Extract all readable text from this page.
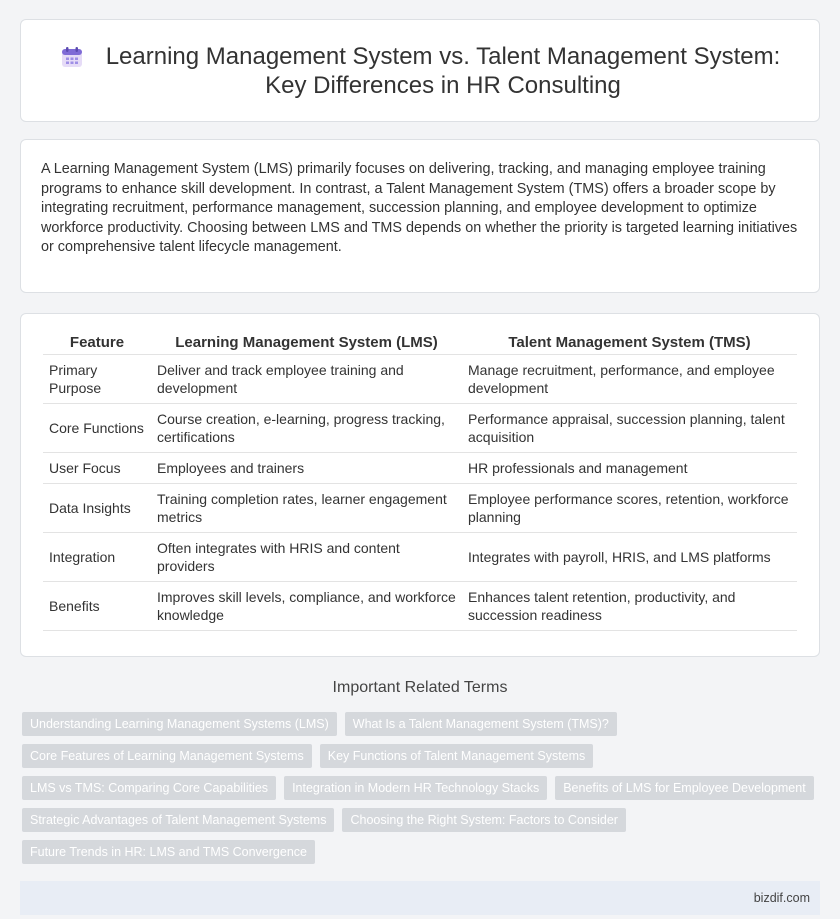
Learning Management System vs. Talent Management System:
Key Differences in HR Consulting

A Learning Management System (LMS) primarily focuses on delivering, tracking, and managing employee training programs to enhance skill development. In contrast, a Talent Management System (TMS) offers a broader scope by integrating recruitment, performance management, succession planning, and employee development to optimize workforce productivity. Choosing between LMS and TMS depends on whether the priority is targeted learning initiatives or comprehensive talent lifecycle management.

Feature	Learning Management System (LMS)	Talent Management System (TMS)
Primary Purpose	Deliver and track employee training and development	Manage recruitment, performance, and employee development
Core Functions	Course creation, e-learning, progress tracking, certifications	Performance appraisal, succession planning, talent acquisition
User Focus	Employees and trainers	HR professionals and management
Data Insights	Training completion rates, learner engagement metrics	Employee performance scores, retention, workforce planning
Integration	Often integrates with HRIS and content providers	Integrates with payroll, HRIS, and LMS platforms
Benefits	Improves skill levels, compliance, and workforce knowledge	Enhances talent retention, productivity, and succession readiness
Important Related Terms
Understanding Learning Management Systems (LMS)	What Is a Talent Management System (TMS)?
Core Features of Learning Management Systems	Key Functions of Talent Management Systems
LMS vs TMS: Comparing Core Capabilities	Integration in Modern HR Technology Stacks	Benefits of LMS for Employee Development
Strategic Advantages of Talent Management Systems	Choosing the Right System: Factors to Consider
Future Trends in HR: LMS and TMS Convergence
bizdif.com
